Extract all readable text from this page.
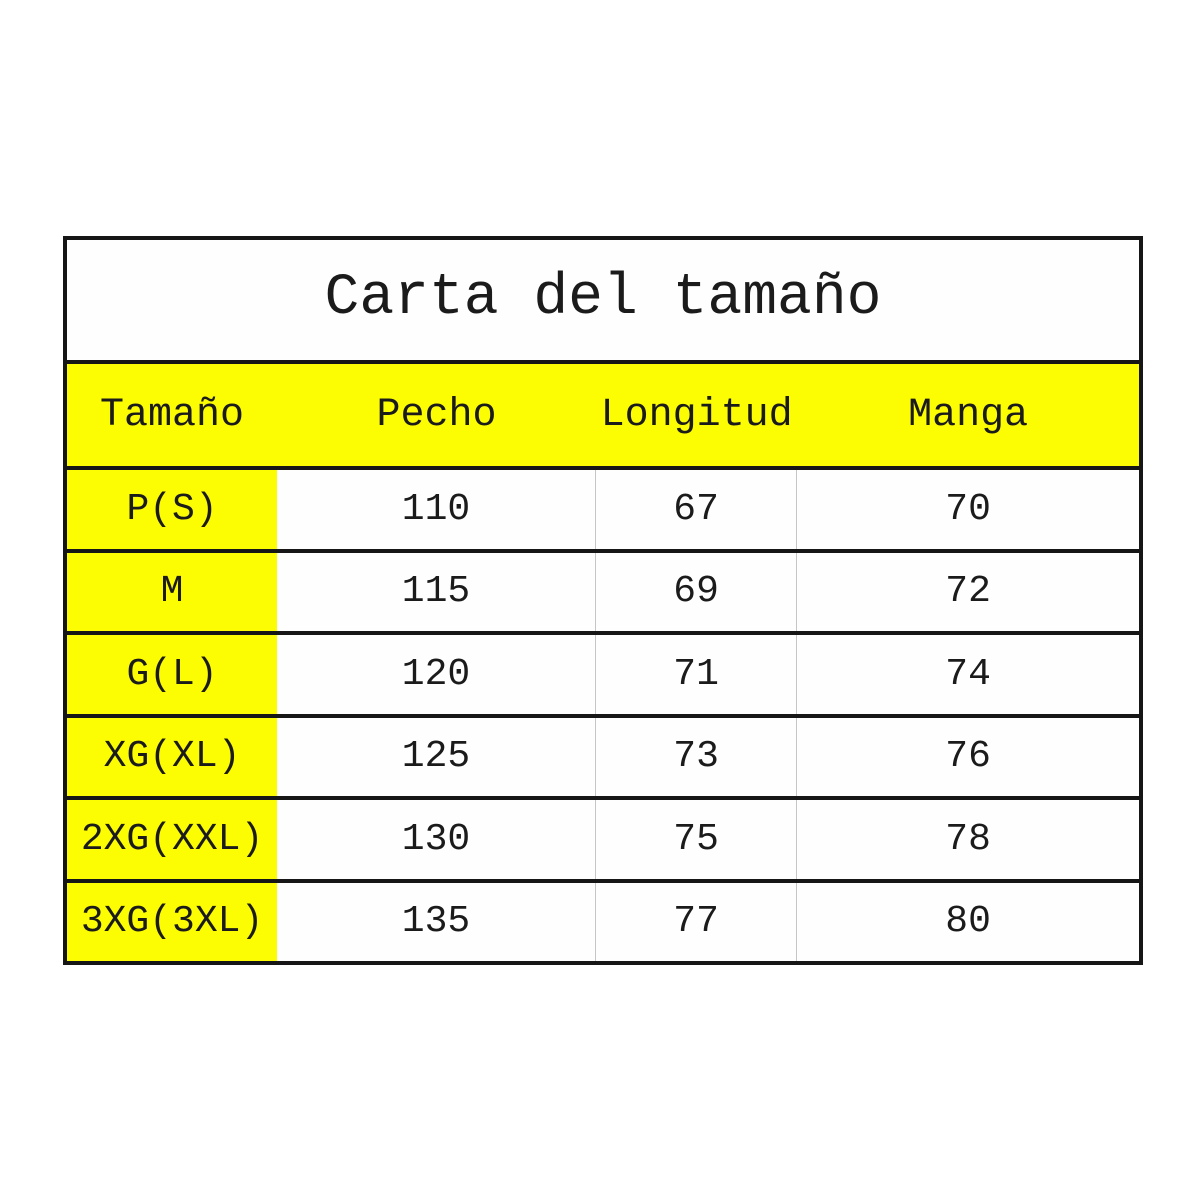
Carta del tamaño
Tamaño	Pecho	Longitud	Manga
P(S)	110	67	70
M	115	69	72
G(L)	120	71	74
XG(XL)	125	73	76
2XG(XXL)	130	75	78
3XG(3XL)	135	77	80
